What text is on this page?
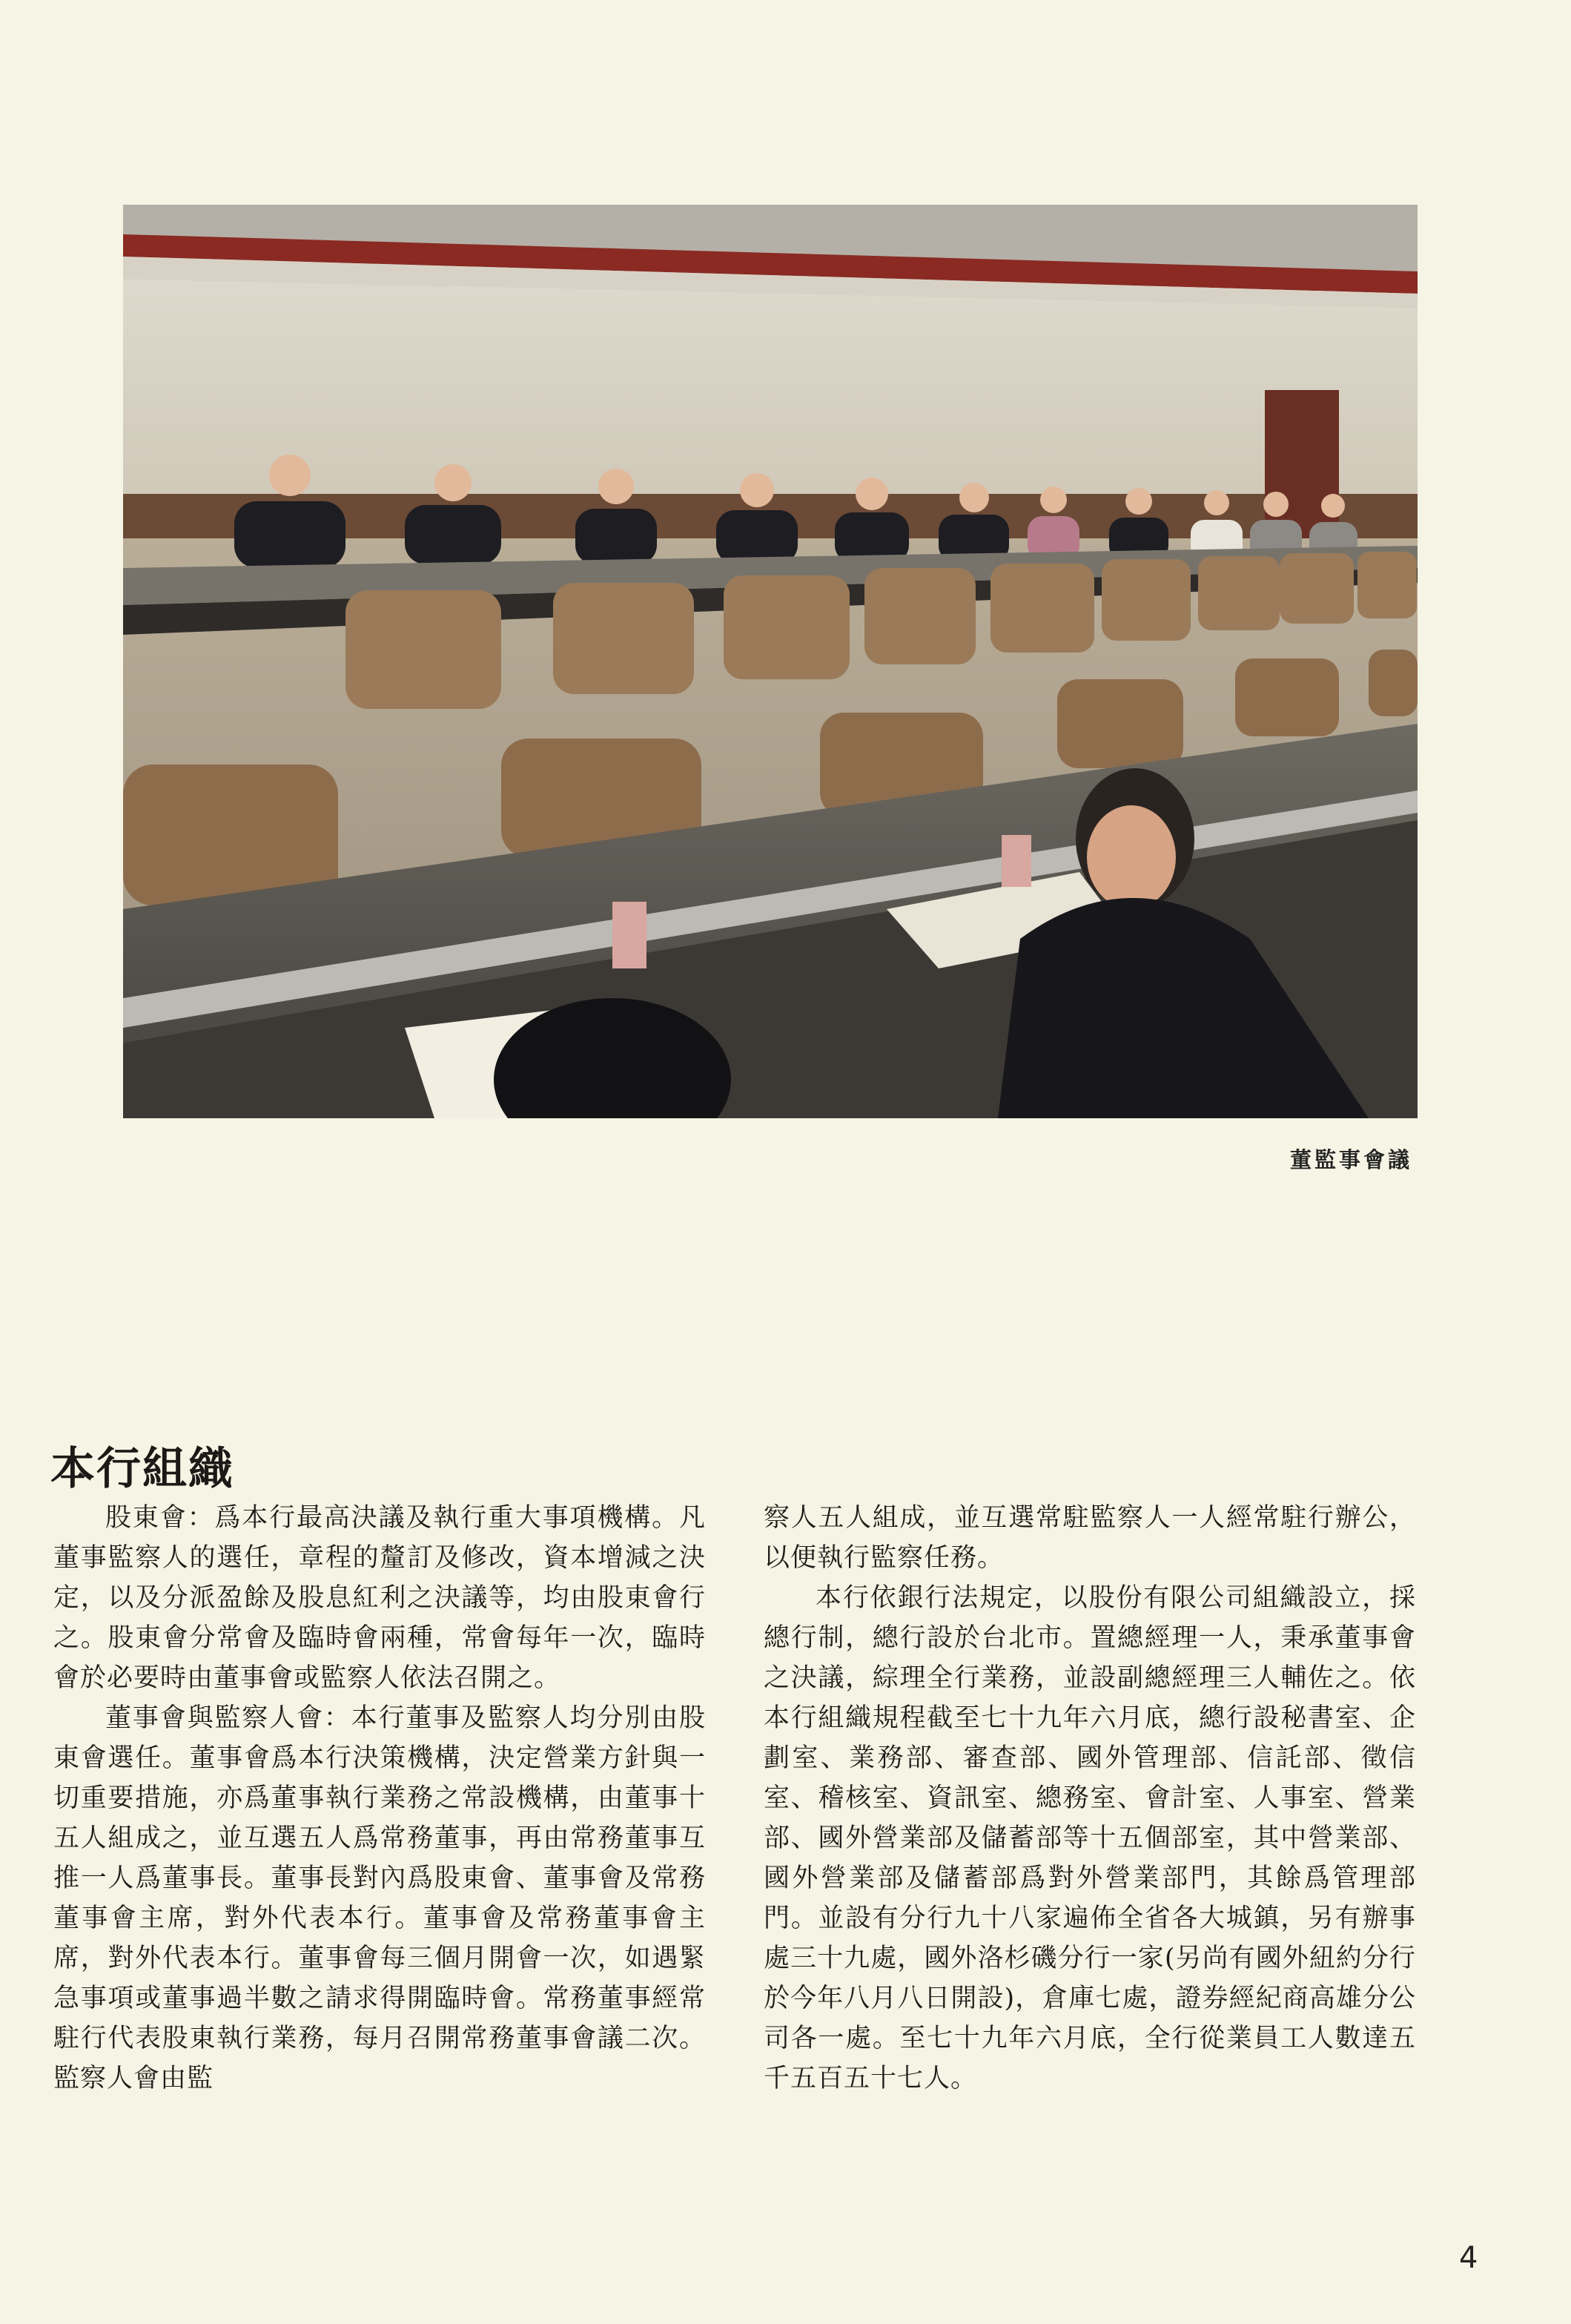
董監事會議
本行組織

股東會：爲本行最高決議及執行重大事項機構。凡董事監察人的選任，章程的釐訂及修改，資本增減之決定，以及分派盈餘及股息紅利之決議等，均由股東會行之。股東會分常會及臨時會兩種，常會每年一次，臨時會於必要時由董事會或監察人依法召開之。

董事會與監察人會：本行董事及監察人均分別由股東會選任。董事會爲本行決策機構，決定營業方針與一切重要措施，亦爲董事執行業務之常設機構，由董事十五人組成之，並互選五人爲常務董事，再由常務董事互推一人爲董事長。董事長對內爲股東會、董事會及常務董事會主席，對外代表本行。董事會及常務董事會主席，對外代表本行。董事會每三個月開會一次，如遇緊急事項或董事過半數之請求得開臨時會。常務董事經常駐行代表股東執行業務，每月召開常務董事會議二次。監察人會由監

察人五人組成，並互選常駐監察人一人經常駐行辦公，以便執行監察任務。

本行依銀行法規定，以股份有限公司組織設立，採總行制，總行設於台北市。置總經理一人，秉承董事會之決議，綜理全行業務，並設副總經理三人輔佐之。依本行組織規程截至七十九年六月底，總行設秘書室、企劃室、業務部、審查部、國外管理部、信託部、徵信室、稽核室、資訊室、總務室、會計室、人事室、營業部、國外營業部及儲蓄部等十五個部室，其中營業部、國外營業部及儲蓄部爲對外營業部門，其餘爲管理部門。並設有分行九十八家遍佈全省各大城鎮，另有辦事處三十九處，國外洛杉磯分行一家(另尚有國外紐約分行於今年八月八日開設)，倉庫七處，證券經紀商高雄分公司各一處。至七十九年六月底，全行從業員工人數達五千五百五十七人。

4
